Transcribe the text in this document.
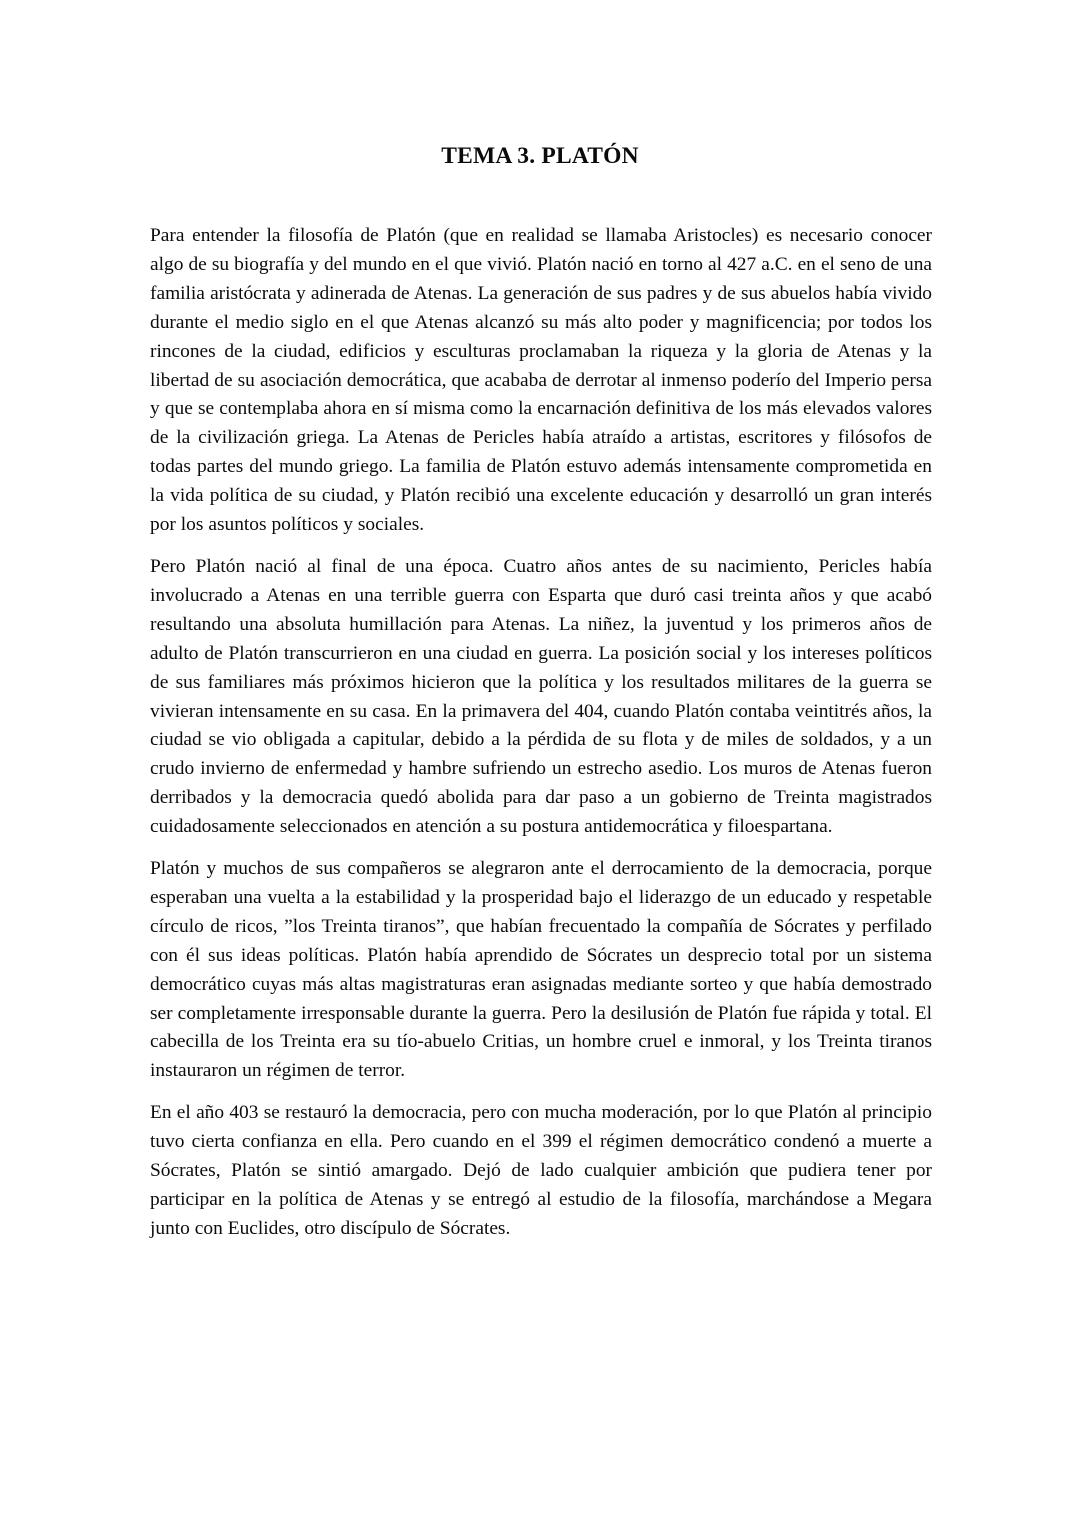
TEMA 3. PLATÓN

Para entender la filosofía de Platón (que en realidad se llamaba Aristocles) es necesario conocer algo de su biografía y del mundo en el que vivió. Platón nació en torno al 427 a.C. en el seno de una familia aristócrata y adinerada de Atenas. La generación de sus padres y de sus abuelos había vivido durante el medio siglo en el que Atenas alcanzó su más alto poder y magnificencia; por todos los rincones de la ciudad, edificios y esculturas proclamaban la riqueza y la gloria de Atenas y la libertad de su asociación democrática, que acababa de derrotar al inmenso poderío del Imperio persa y que se contemplaba ahora en sí misma como la encarnación definitiva de los más elevados valores de la civilización griega. La Atenas de Pericles había atraído a artistas, escritores y filósofos de todas partes del mundo griego. La familia de Platón estuvo además intensamente comprometida en la vida política de su ciudad, y Platón recibió una excelente educación y desarrolló un gran interés por los asuntos políticos y sociales.

Pero Platón nació al final de una época. Cuatro años antes de su nacimiento, Pericles había involucrado a Atenas en una terrible guerra con Esparta que duró casi treinta años y que acabó resultando una absoluta humillación para Atenas. La niñez, la juventud y los primeros años de adulto de Platón transcurrieron en una ciudad en guerra. La posición social y los intereses políticos de sus familiares más próximos hicieron que la política y los resultados militares de la guerra se vivieran intensamente en su casa. En la primavera del 404, cuando Platón contaba veintitrés años, la ciudad se vio obligada a capitular, debido a la pérdida de su flota y de miles de soldados, y a un crudo invierno de enfermedad y hambre sufriendo un estrecho asedio. Los muros de Atenas fueron derribados y la democracia quedó abolida para dar paso a un gobierno de Treinta magistrados cuidadosamente seleccionados en atención a su postura antidemocrática y filoespartana.

Platón y muchos de sus compañeros se alegraron ante el derrocamiento de la democracia, porque esperaban una vuelta a la estabilidad y la prosperidad bajo el liderazgo de un educado y respetable círculo de ricos, ”los Treinta tiranos”, que habían frecuentado la compañía de Sócrates y perfilado con él sus ideas políticas. Platón había aprendido de Sócrates un desprecio total por un sistema democrático cuyas más altas magistraturas eran asignadas mediante sorteo y que había demostrado ser completamente irresponsable durante la guerra. Pero la desilusión de Platón fue rápida y total. El cabecilla de los Treinta era su tío-abuelo Critias, un hombre cruel e inmoral, y los Treinta tiranos instauraron un régimen de terror.

En el año 403 se restauró la democracia, pero con mucha moderación, por lo que Platón al principio tuvo cierta confianza en ella. Pero cuando en el 399 el régimen democrático condenó a muerte a Sócrates, Platón se sintió amargado. Dejó de lado cualquier ambición que pudiera tener por participar en la política de Atenas y se entregó al estudio de la filosofía, marchándose a Megara junto con Euclides, otro discípulo de Sócrates.
